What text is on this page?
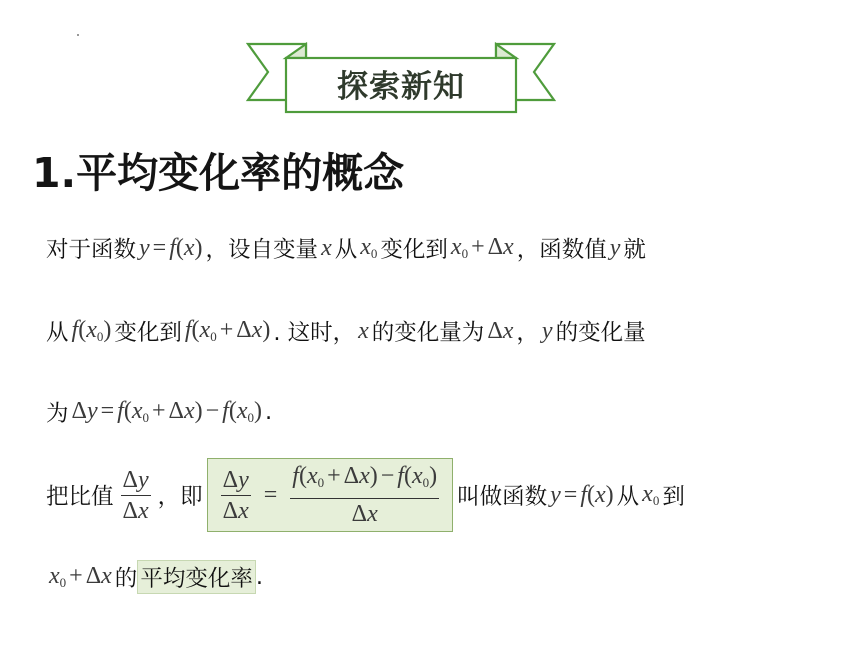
探索新知
1.平均变化率的概念
对于函数 y = f(x) ，设自变量 x 从 $x_0$ 变化到 $x_0 + \Delta x$ ，函数值 y 就
从 $f(x_0)$ 变化到 $f(x_0 + \Delta x)$ . 这时， x 的变化量为 Δx ， y 的变化量
为 $\Delta y = f(x_0 + \Delta x) - f(x_0)$ .
把比值 $\frac{\Delta y}{\Delta x}$ ，即 $\frac{\Delta y}{\Delta x} = \frac{f(x_0 + \Delta x) - f(x_0)}{\Delta x}$ 叫做函数 y = f(x) 从 $x_0$ 到
$x_0 + \Delta x$ 的 平均变化率 .
